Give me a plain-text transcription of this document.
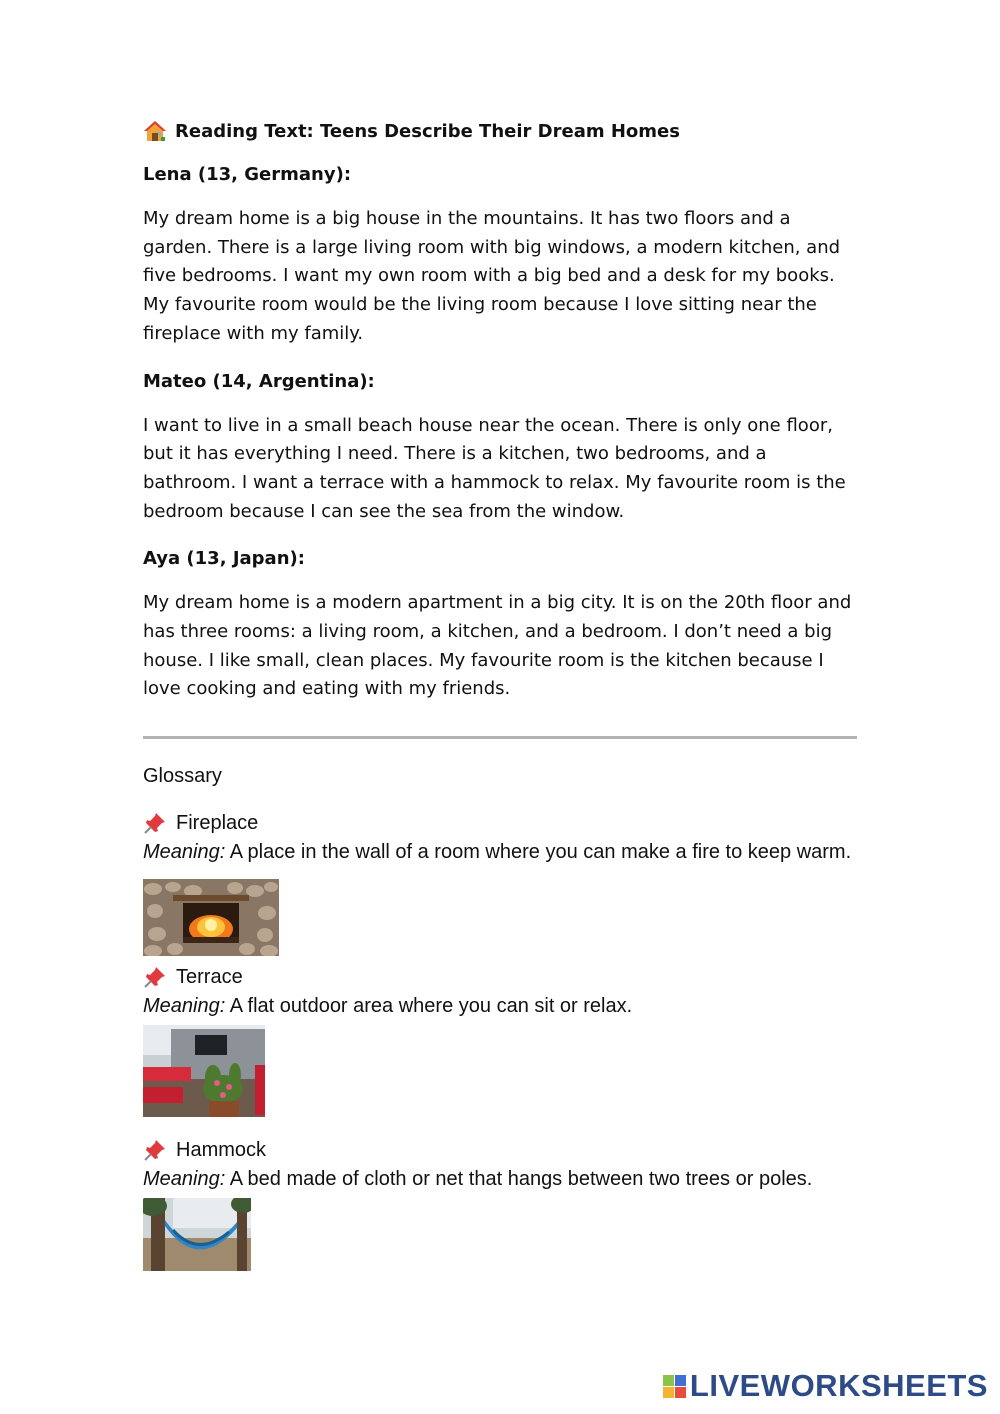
Reading Text: Teens Describe Their Dream Homes
Lena (13, Germany):

My dream home is a big house in the mountains. It has two floors and a garden. There is a large living room with big windows, a modern kitchen, and five bedrooms. I want my own room with a big bed and a desk for my books. My favourite room would be the living room because I love sitting near the fireplace with my family.

Mateo (14, Argentina):

I want to live in a small beach house near the ocean. There is only one floor, but it has everything I need. There is a kitchen, two bedrooms, and a bathroom. I want a terrace with a hammock to relax. My favourite room is the bedroom because I can see the sea from the window.

Aya (13, Japan):

My dream home is a modern apartment in a big city. It is on the 20th floor and has three rooms: a living room, a kitchen, and a bedroom. I don’t need a big house. I like small, clean places. My favourite room is the kitchen because I love cooking and eating with my friends.

Glossary
Fireplace
Meaning: A place in the wall of a room where you can make a fire to keep warm.
Terrace
Meaning: A flat outdoor area where you can sit or relax.
Hammock
Meaning: A bed made of cloth or net that hangs between two trees or poles.
LIVEWORKSHEETS
